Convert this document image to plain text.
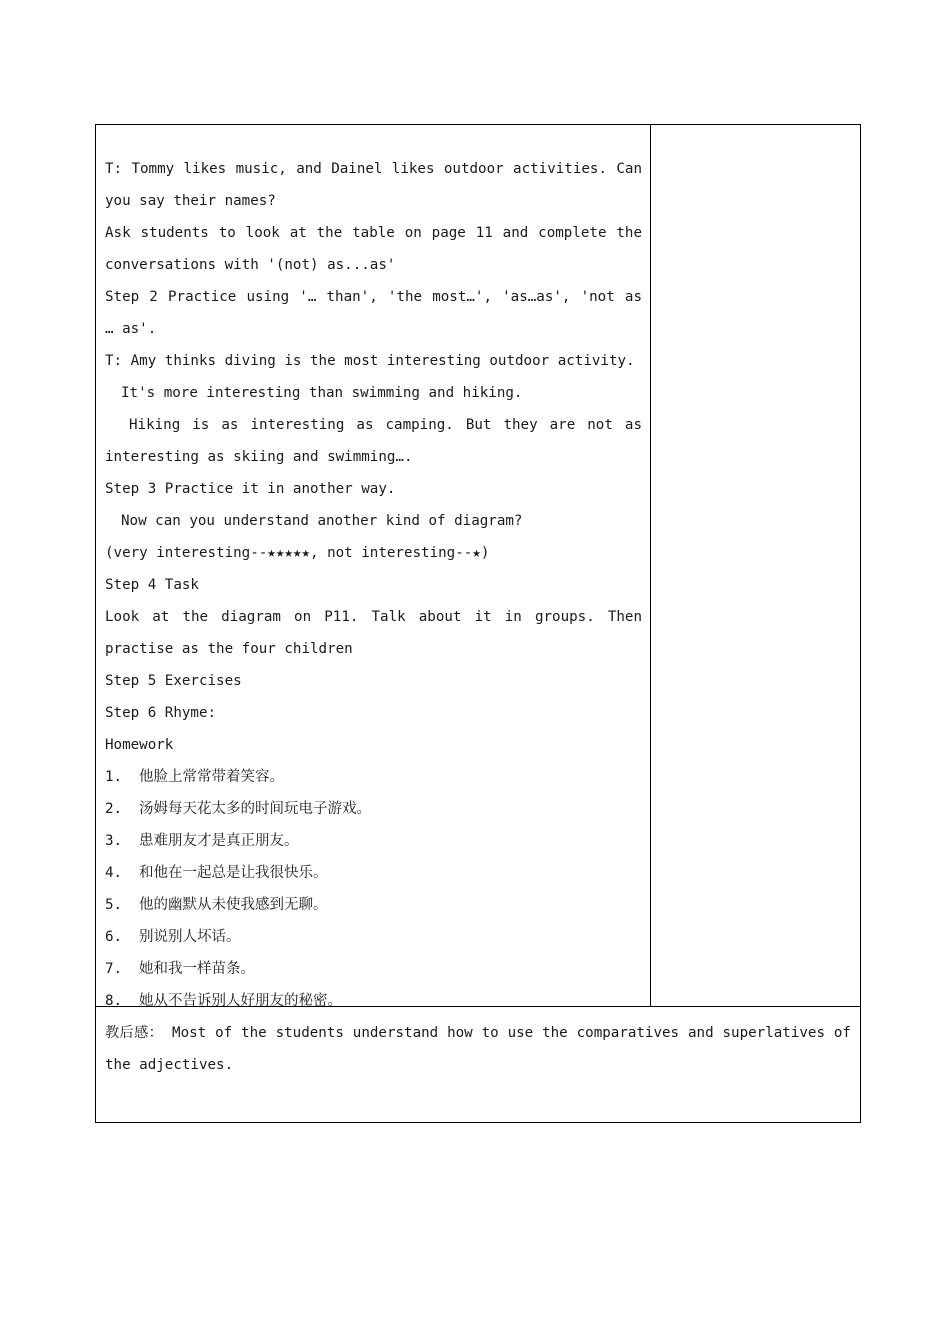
T: Tommy likes music, and Dainel likes outdoor activities. Can
you say their names?
Ask students to look at the table on page 11 and complete the
conversations with '(not) as...as'
Step 2 Practice using '… than', 'the most…', 'as…as', 'not as
… as'.
T: Amy thinks diving is the most interesting outdoor activity.
It's more interesting than swimming and hiking.
Hiking is as interesting as camping. But they are not as
interesting as skiing and swimming….
Step 3 Practice it in another way.
Now can you understand another kind of diagram?
(very interesting--★★★★★, not interesting--★)
Step 4 Task
Look at the diagram on P11. Talk about it in groups. Then
practise as the four children
Step 5 Exercises
Step 6 Rhyme:
Homework
1.	他脸上常常带着笑容。
2.	汤姆每天花太多的时间玩电子游戏。
3.	患难朋友才是真正朋友。
4.	和他在一起总是让我很快乐。
5.	他的幽默从未使我感到无聊。
6.	别说别人坏话。
7.	她和我一样苗条。
8.	她从不告诉别人好朋友的秘密。
教后感： Most of the students understand how to use the comparatives and superlatives of
the adjectives.
